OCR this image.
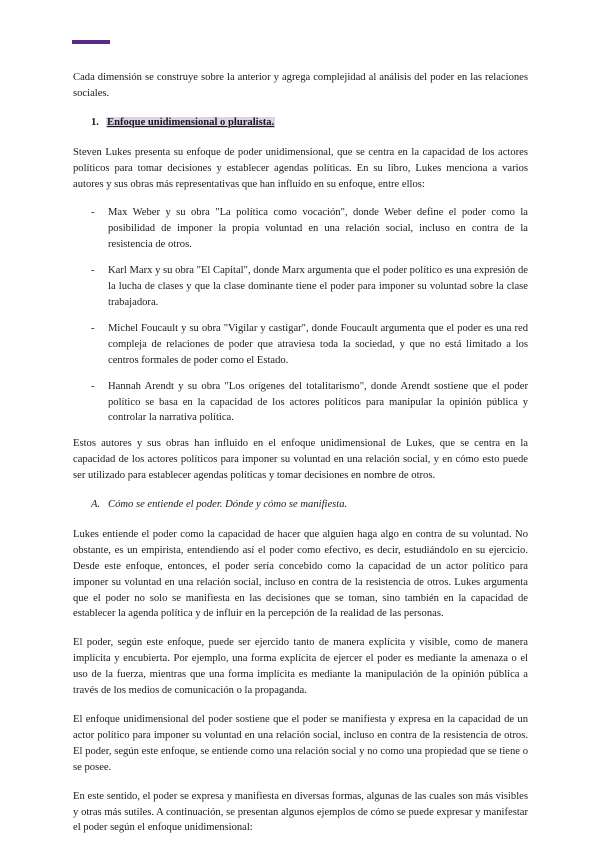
Cada dimensión se construye sobre la anterior y agrega complejidad al análisis del poder en las relaciones sociales.

1. Enfoque unidimensional o pluralista.

Steven Lukes presenta su enfoque de poder unidimensional, que se centra en la capacidad de los actores políticos para tomar decisiones y establecer agendas políticas. En su libro, Lukes menciona a varios autores y sus obras más representativas que han influido en su enfoque, entre ellos:

- Max Weber y su obra "La política como vocación", donde Weber define el poder como la posibilidad de imponer la propia voluntad en una relación social, incluso en contra de la resistencia de otros.
- Karl Marx y su obra "El Capital", donde Marx argumenta que el poder político es una expresión de la lucha de clases y que la clase dominante tiene el poder para imponer su voluntad sobre la clase trabajadora.
- Michel Foucault y su obra "Vigilar y castigar", donde Foucault argumenta que el poder es una red compleja de relaciones de poder que atraviesa toda la sociedad, y que no está limitado a los centros formales de poder como el Estado.
- Hannah Arendt y su obra "Los orígenes del totalitarismo", donde Arendt sostiene que el poder político se basa en la capacidad de los actores políticos para manipular la opinión pública y controlar la narrativa política.

Estos autores y sus obras han influido en el enfoque unidimensional de Lukes, que se centra en la capacidad de los actores políticos para imponer su voluntad en una relación social, y en cómo esto puede ser utilizado para establecer agendas políticas y tomar decisiones en nombre de otros.

A. Cómo se entiende el poder. Dónde y cómo se manifiesta.

Lukes entiende el poder como la capacidad de hacer que alguien haga algo en contra de su voluntad. No obstante, es un empirista, entendiendo así el poder como efectivo, es decir, estudiándolo en su ejercicio. Desde este enfoque, entonces, el poder sería concebido como la capacidad de un actor político para imponer su voluntad en una relación social, incluso en contra de la resistencia de otros. Lukes argumenta que el poder no solo se manifiesta en las decisiones que se toman, sino también en la capacidad de establecer la agenda política y de influir en la percepción de la realidad de las personas.

El poder, según este enfoque, puede ser ejercido tanto de manera explícita y visible, como de manera implícita y encubierta. Por ejemplo, una forma explícita de ejercer el poder es mediante la amenaza o el uso de la fuerza, mientras que una forma implícita es mediante la manipulación de la opinión pública a través de los medios de comunicación o la propaganda.

El enfoque unidimensional del poder sostiene que el poder se manifiesta y expresa en la capacidad de un actor político para imponer su voluntad en una relación social, incluso en contra de la resistencia de otros. El poder, según este enfoque, se entiende como una relación social y no como una propiedad que se tiene o se posee.

En este sentido, el poder se expresa y manifiesta en diversas formas, algunas de las cuales son más visibles y otras más sutiles. A continuación, se presentan algunos ejemplos de cómo se puede expresar y manifestar el poder según el enfoque unidimensional:
